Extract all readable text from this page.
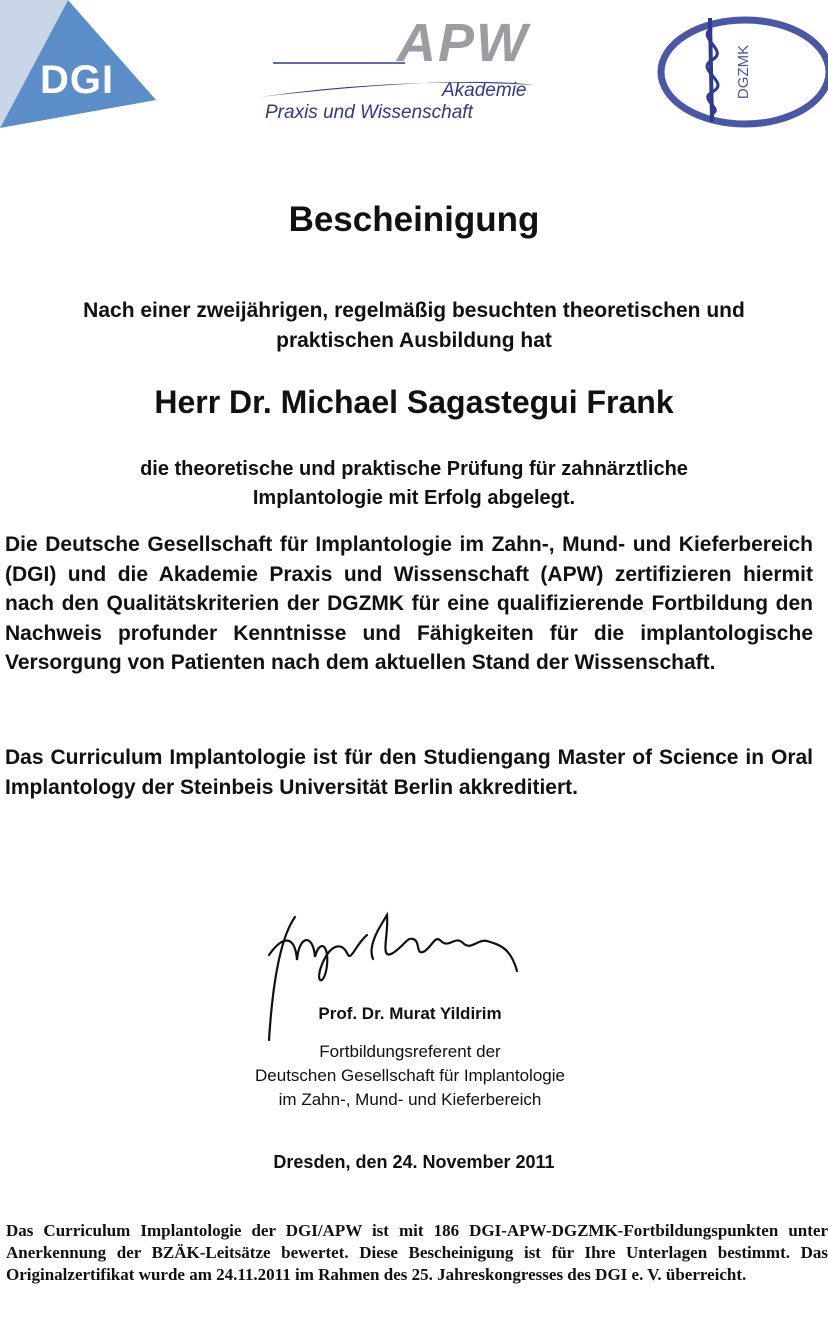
DGI
APW
Akademie
Praxis und Wissenschaft
DGZMK
Bescheinigung
Nach einer zweijährigen, regelmäßig besuchten theoretischen und
praktischen Ausbildung hat
Herr Dr. Michael Sagastegui Frank
die theoretische und praktische Prüfung für zahnärztliche
Implantologie mit Erfolg abgelegt.
Die Deutsche Gesellschaft für Implantologie im Zahn-, Mund- und Kieferbereich (DGI) und die Akademie Praxis und Wissenschaft (APW) zertifizieren hiermit nach den Qualitätskriterien der DGZMK für eine qualifizierende Fortbildung den Nachweis profunder Kenntnisse und Fähigkeiten für die implantologische Versorgung von Patienten nach dem aktuellen Stand der Wissenschaft.
Das Curriculum Implantologie ist für den Studiengang Master of Science in Oral Implantology der Steinbeis Universität Berlin akkreditiert.
Prof. Dr. Murat Yildirim
Fortbildungsreferent der
Deutschen Gesellschaft für Implantologie
im Zahn-, Mund- und Kieferbereich
Dresden, den 24. November 2011
Das Curriculum Implantologie der DGI/APW ist mit 186 DGI-APW-DGZMK-Fortbildungspunkten unter Anerkennung der BZÄK-Leitsätze bewertet. Diese Bescheinigung ist für Ihre Unterlagen bestimmt. Das Originalzertifikat wurde am 24.11.2011 im Rahmen des 25. Jahreskongresses des DGI e. V. überreicht.
